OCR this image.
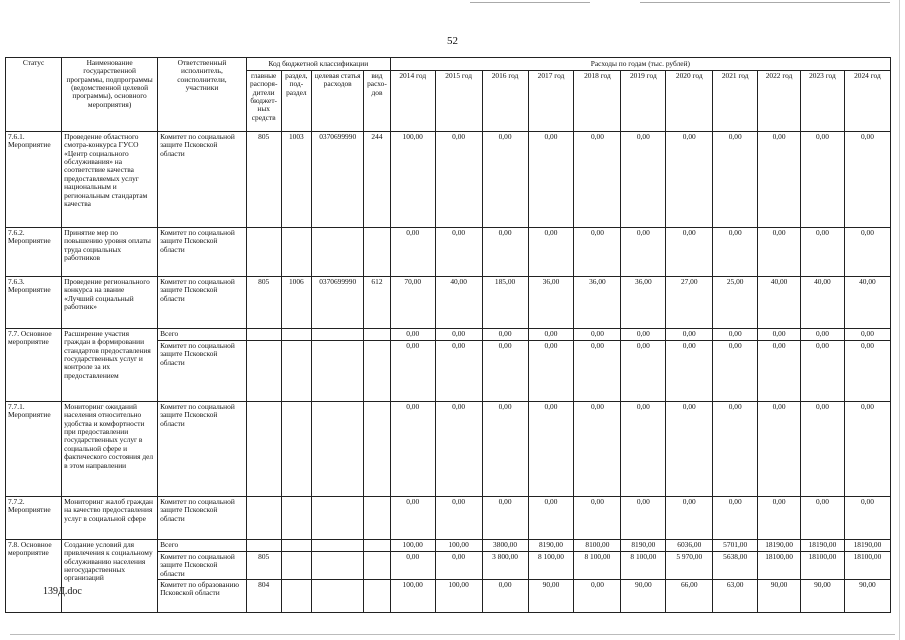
52
Статус	Наименование государственной программы, подпрограммы (ведомственной целевой программы), основного мероприятия)	Ответственный исполнитель, соисполнители, участники	Код бюджетной классификации				Расходы по годам (тыс. рублей)										
			главные распоря-дители бюджет-ных средств	раздел, под-раздел	целевая статья расходов	вид расхо-дов	2014 год	2015 год	2016 год	2017 год	2018 год	2019 год	2020 год	2021 год	2022 год	2023 год	2024 год
7.6.1. Мероприятие	Проведение областного смотра-конкурса ГУСО «Центр социального обслуживания» на соответствие качества предоставляемых услуг национальным и региональным стандартам качества	Комитет по социальной защите Псковской области	805	1003	0370699990	244	100,00	0,00	0,00	0,00	0,00	0,00	0,00	0,00	0,00	0,00	0,00
7.6.2. Мероприятие	Принятие мер по повышению уровня оплаты труда социальных работников	Комитет по социальной защите Псковской области					0,00	0,00	0,00	0,00	0,00	0,00	0,00	0,00	0,00	0,00	0,00
7.6.3. Мероприятие	Проведение регионального конкурса на звание «Лучший социальный работник»	Комитет по социальной защите Псковской области	805	1006	0370699990	612	70,00	40,00	185,00	36,00	36,00	36,00	27,00	25,00	40,00	40,00	40,00
7.7. Основное мероприятие	Расширение участия граждан в формировании стандартов предоставления государственных услуг и контроле за их предоставлением	Всего					0,00	0,00	0,00	0,00	0,00	0,00	0,00	0,00	0,00	0,00	0,00
		Комитет по социальной защите Псковской области					0,00	0,00	0,00	0,00	0,00	0,00	0,00	0,00	0,00	0,00	0,00
7.7.1. Мероприятие	Мониторинг ожиданий населения относительно удобства и комфортности при предоставлении государственных услуг в социальной сфере и фактического состояния дел в этом направлении	Комитет по социальной защите Псковской области					0,00	0,00	0,00	0,00	0,00	0,00	0,00	0,00	0,00	0,00	0,00
7.7.2. Мероприятие	Мониторинг жалоб граждан на качество предоставления услуг в социальной сфере	Комитет по социальной защите Псковской области					0,00	0,00	0,00	0,00	0,00	0,00	0,00	0,00	0,00	0,00	0,00
7.8. Основное мероприятие	Создание условий для привлечения к социальному обслуживанию населения негосударственных организаций	Всего					100,00	100,00	3800,00	8190,00	8100,00	8190,00	6036,00	5701,00	18190,00	18190,00	18190,00
		Комитет по социальной защите Псковской области	805				0,00	0,00	3 800,00	8 100,00	8 100,00	8 100,00	5 970,00	5638,00	18100,00	18100,00	18100,00
		Комитет по образованию Псковской области	804				100,00	100,00	0,00	90,00	0,00	90,00	66,00	63,00	90,00	90,00	90,00
139Д.doc
